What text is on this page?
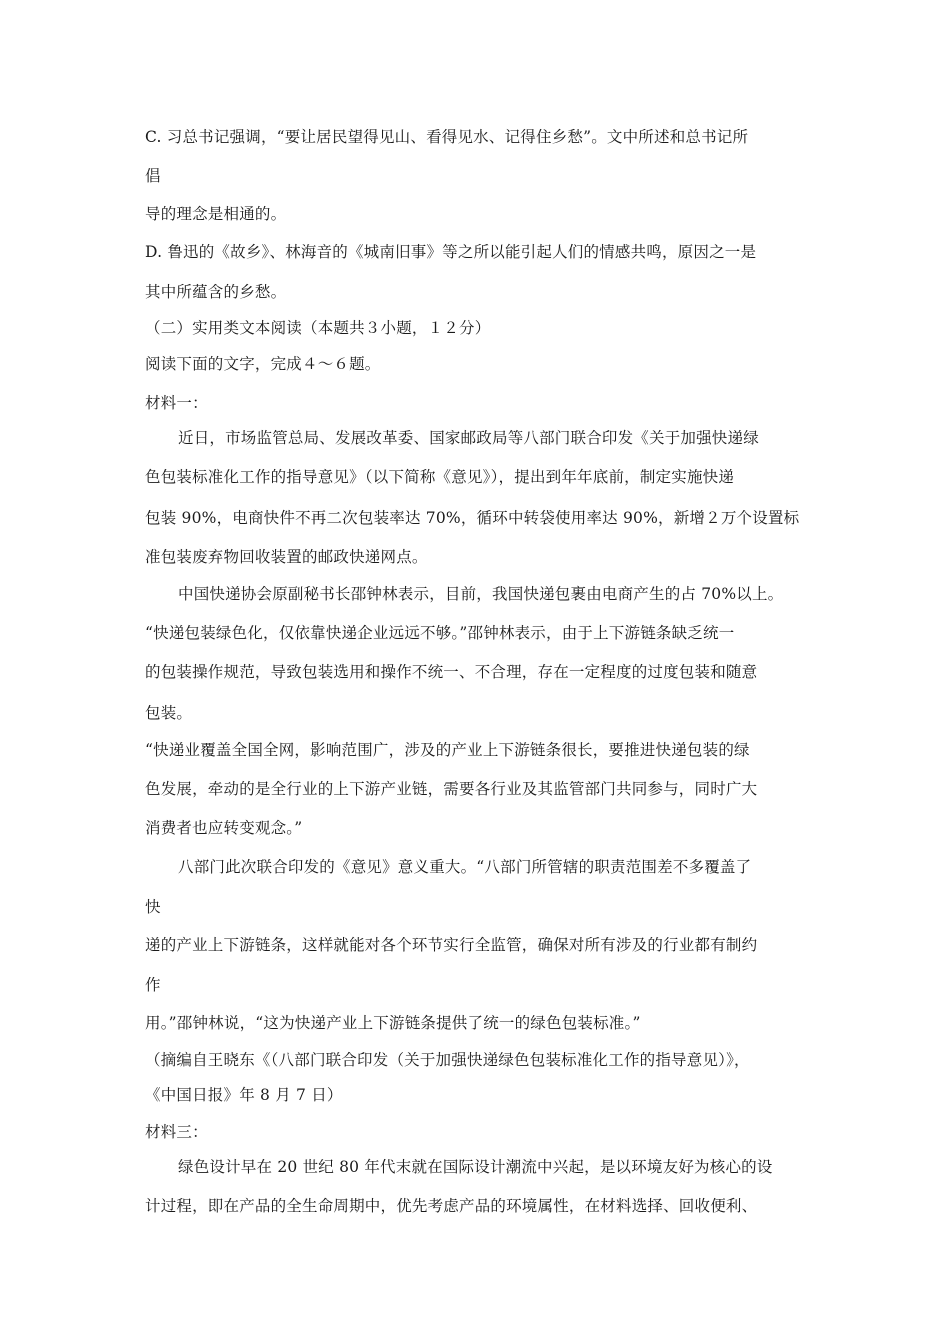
C. 习总书记强调，“要让居民望得见山、看得见水、记得住乡愁”。文中所述和总书记所
倡
导的理念是相通的。
D. 鲁迅的《故乡》、林海音的《城南旧事》等之所以能引起人们的情感共鸣，原因之一是
其中所蕴含的乡愁。
（二）实用类文本阅读（本题共３小题，１２分）
阅读下面的文字，完成４～６题。
材料一：
近日，市场监管总局、发展改革委、国家邮政局等八部门联合印发《关于加强快递绿
色包装标准化工作的指导意见》（以下简称《意见》），提出到年年底前，制定实施快递
包装 90%，电商快件不再二次包装率达 70%，循环中转袋使用率达 90%，新增２万个设置标
准包装废弃物回收装置的邮政快递网点。
中国快递协会原副秘书长邵钟林表示，目前，我国快递包裹由电商产生的占 70%以上。
“快递包装绿色化，仅依靠快递企业远远不够。”邵钟林表示，由于上下游链条缺乏统一
的包装操作规范，导致包装选用和操作不统一、不合理，存在一定程度的过度包装和随意
包装。
“快递业覆盖全国全网，影响范围广，涉及的产业上下游链条很长，要推进快递包装的绿
色发展，牵动的是全行业的上下游产业链，需要各行业及其监管部门共同参与，同时广大
消费者也应转变观念。”
八部门此次联合印发的《意见》意义重大。“八部门所管辖的职责范围差不多覆盖了
快
递的产业上下游链条，这样就能对各个环节实行全监管，确保对所有涉及的行业都有制约
作
用。”邵钟林说，“这为快递产业上下游链条提供了统一的绿色包装标准。”
（摘编自王晓东《（八部门联合印发（关于加强快递绿色包装标准化工作的指导意见）》，
《中国日报》年 8 月 7 日）
材料三：
绿色设计早在 20 世纪 80 年代末就在国际设计潮流中兴起，是以环境友好为核心的设
计过程，即在产品的全生命周期中，优先考虑产品的环境属性，在材料选择、回收便利、
